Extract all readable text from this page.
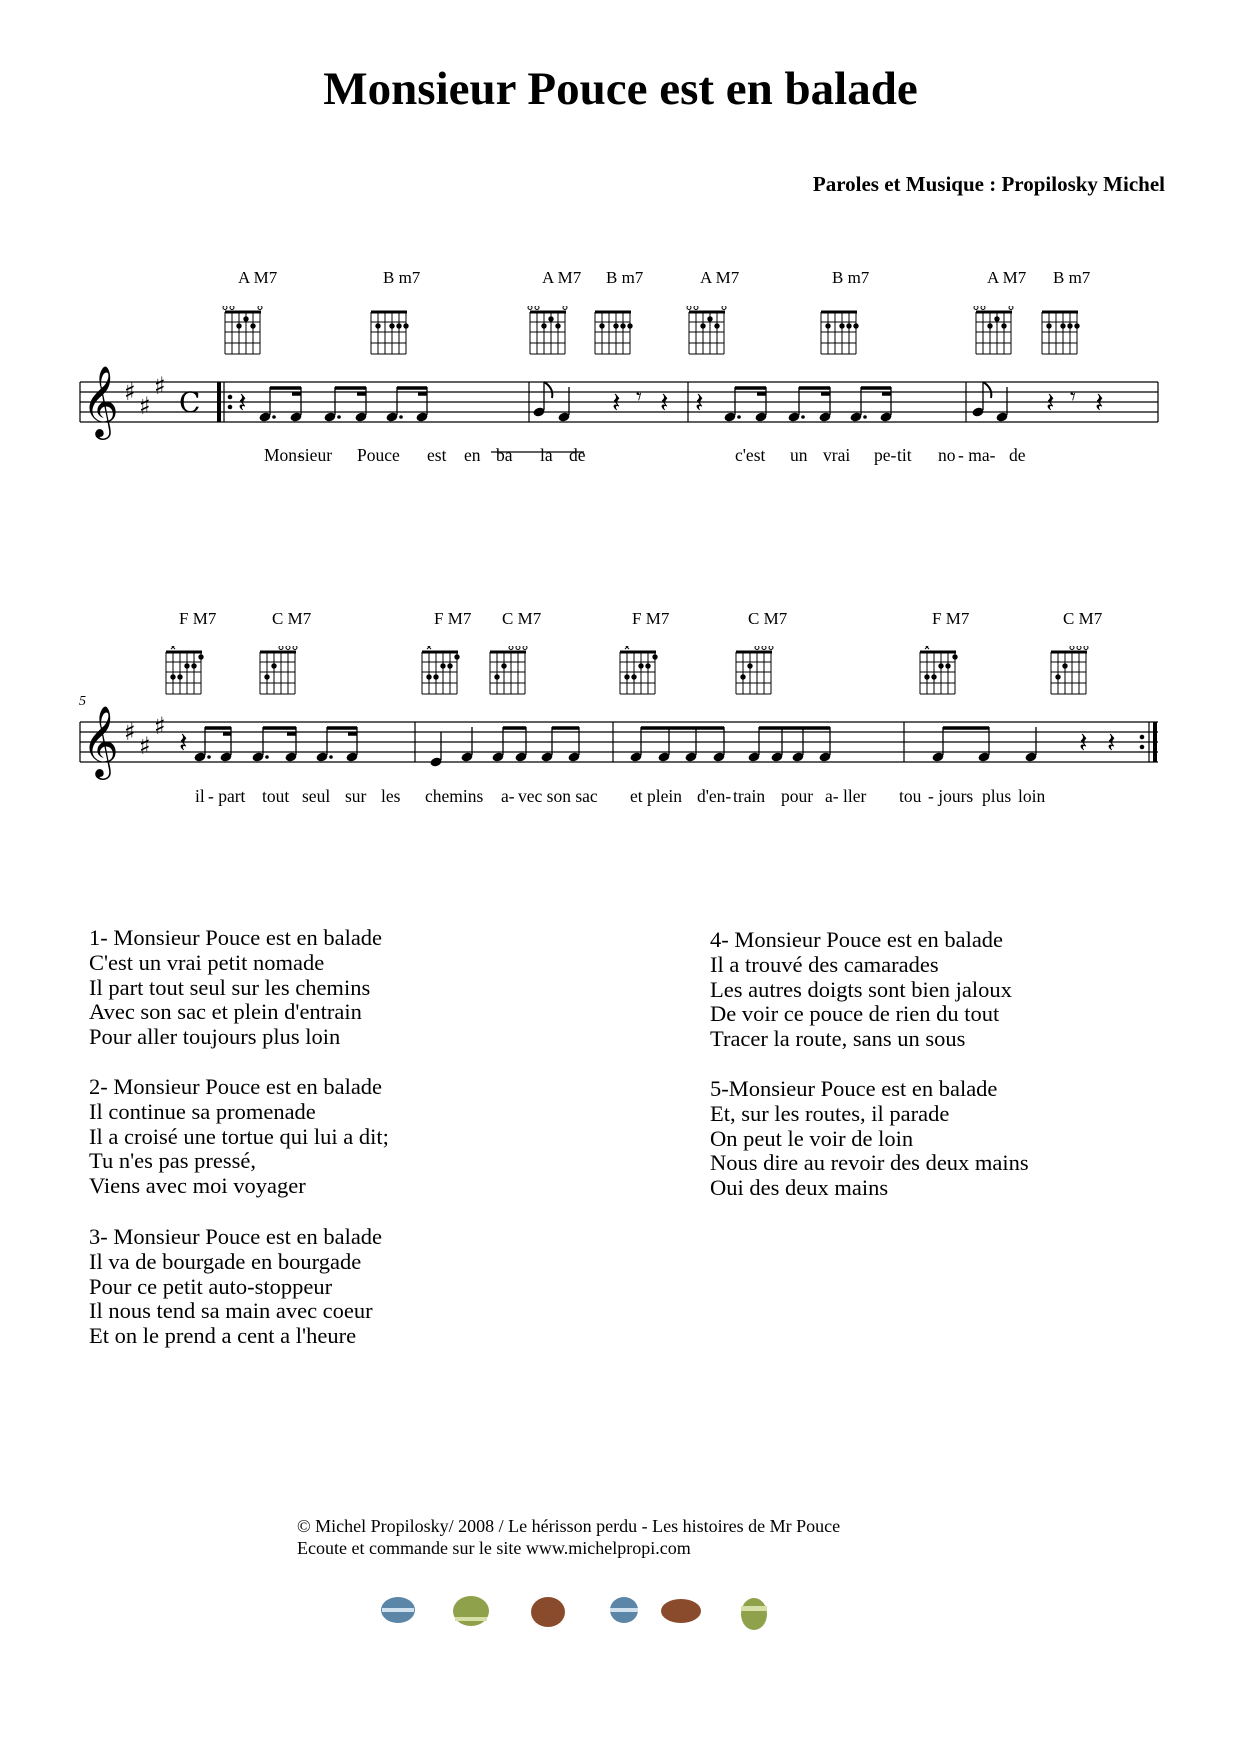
Monsieur Pouce est en balade
Paroles et Musique : Propilosky Michel
A M7	B m7	A M7 B m7	A M7	B m7	A M7 B m7
𝄞 ♯ ♯
♯ C 𝄽	𝄽 𝄽 𝄽	𝄽 𝄽
𝄾	𝄾
Mon-
sieur Pouce est en ba la de	c'est un vrai pe- tit no - ma- de
F M7	C M7	F M7 C M7	F M7	C M7	F M7	C M7
5
𝄞 ♯ ♯
♯ 𝄽	𝄽 𝄽
il - part tout seul sur les chemins a- vec son sac et plein d'en- train pour a- ller tou - jours plus loin
1- Monsieur Pouce est en balade
C'est un vrai petit nomade
Il part tout seul sur les chemins
Avec son sac et plein d'entrain
Pour aller toujours plus loin
2- Monsieur Pouce est en balade
Il continue sa promenade
Il a croisé une tortue qui lui a dit;
Tu n'es pas pressé,
Viens avec moi voyager
3- Monsieur Pouce est en balade
Il va de bourgade en bourgade
Pour ce petit auto-stoppeur
Il nous tend sa main avec coeur
Et on le prend a cent a l'heure
4- Monsieur Pouce est en balade
Il a trouvé des camarades
Les autres doigts sont bien jaloux
De voir ce pouce de rien du tout
Tracer la route, sans un sous
5-Monsieur Pouce est en balade
Et, sur les routes, il parade
On peut le voir de loin
Nous dire au revoir des deux mains
Oui des deux mains
© Michel Propilosky/ 2008 / Le hérisson perdu - Les histoires de Mr Pouce
Ecoute et commande sur le site www.michelpropi.com
